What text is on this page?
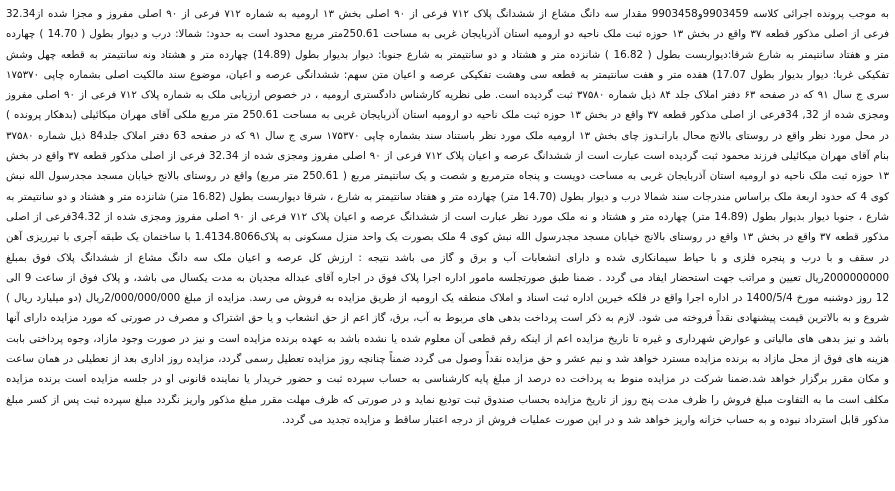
به موجب پرونده اجرائی کلاسه 9903459و9903458 مقدار سه دانگ مشاع از ششدانگ پلاک ۷۱۲ فرعی از ۹۰ اصلی بخش ۱۳ ارومیه به شماره ۷۱۲ فرعی از ۹۰ اصلی مفروز و مجزا شده از32.34 فرعی از اصلی مذکور قطعه ۳۷ واقع در بخش ۱۳ حوزه ثبت ملک ناحیه دو ارومیه استان آذربایجان غربی به مساحت 250.61متر مربع محدود است به حدود: شمالا: درب و دیوار بطول ( 14.70 ) چهارده متر و هفتاد سانتیمتر به شارع شرقا:دیواربست بطول ( 16.82 ) شانزده متر و هشتاد و دو سانتیمتر به شارع جنوبا: دیوار بدیوار بطول (14.89) چهارده متر و هشتاد ونه سانتیمتر به قطعه چهل وشش تفکیکی غربا: دیوار بدیوار بطول 17.07) هفده متر و هفت سانتیمتر به قطعه سی وهشت تفکیکی عرصه و اعیان متن سهم: ششدانگی عرصه و اعیان، موضوع سند مالکیت اصلی بشماره چاپی ۱۷۵۳۷۰ سری ج سال ۹۱ که در صفحه ۶۳ دفتر املاک جلد ۸۴ ذیل شماره ۳۷۵۸۰ ثبت گردیده است. طی نظریه کارشناس دادگستری ارومیه ، در خصوص ارزیابی ملک به شماره پلاک ۷۱۲ فرعی از ۹۰ اصلی مفروز ومجزی شده از 32, 34فرعی از اصلی مذکور قطعه ۳۷ واقع در بخش ۱۳ حوزه ثبت ملک ناحیه دو ارومیه استان آذربایجان غربی به مساحت 250.61 متر مربع ملکی آقای مهران میکائیلی (بدهکار پرونده ) در محل مورد نظر واقع در روستای بالانج محال بارانـدوز چای بخش ۱۳ ارومیه ملک مورد نظر باستناد سند بشماره چاپی ۱۷۵۳۷۰ سری ج سال ۹۱ که در صفحه 63 دفتر املاک جلد84 ذیل شماره ۳۷۵۸۰ بنام آقای مهران میکائیلی فرزند محمود ثبت گردیده است عبارت است از ششدانگ عرصه و اعیان پلاک ۷۱۲ فرعی از ۹۰ اصلی مفروز ومجزی شده از 32.34 فرعی از اصلی مذکور قطعه ۳۷ واقع در بخش ۱۳ حوزه ثبت ملک ناحیه دو ارومیه استان آذربایجان غربی به مساحت دویست و پنجاه مترمربع و شصت و یک سانتیمتر مربع ( 250.61 متر مربع) واقع در روستای بالانج خیابان مسجد مجدرسول الله نبش کوی 4 که حدود اربعة ملک براساس مندرجات سند شمالا درب و دیوار بطول (14.70 متر) چهارده متر و هفتاد سانتیمتر به شارع ، شرقا دیواربست بطول (16.82 متر) شانزده متر و هشتاد و دو سانتیمتر به شارع ، جنوبا دیوار بدیوار بطول (14.89 متر) چهارده متر و هشتاد و نه ملک مورد نظر عبارت است از ششدانگ عرصه و اعیان پلاک ۷۱۲ فرعی از ۹۰ اصلی مفروز ومجزی شده از 34.32فرعی از اصلی مذکور قطعه ۳۷ واقع در بخش ۱۳ واقع در روستای بالانج خیابان مسجد مجدرسول الله نبش کوی 4 ملک بصورت یک واحد منزل مسکونی به پلاک1.4134.8066 با ساختمان یک طبقه آجری با تیرریزی آهن در سقف و با درب و پنجره فلزی و با حیاط سیمانکاری شده و دارای انشعابات آب و برق و گاز می باشد نتیجه : ارزش کل عرصه و اعیان ملک سه دانگ مشاع از ششدانگ پلاک فوق بمبلغ 2000000000ریال تعیین و مراتب جهت استحضار ایفاد می گردد . ضمنا طبق صورتجلسه مامور اداره اجرا پلاک فوق در اجاره آقای عبداله مجدیان به مدت یکسال می باشد، و پلاک فوق از ساعت 9 الی 12 روز دوشنبه مورخ 1400/5/4 در اداره اجرا واقع در فلکه خیرین اداره ثبت اسناد و املاک منطقه یک ارومیه از طریق مزایده به فروش می رسد. مزایده از مبلغ 2/000/000/000ریال (دو میلیارد ریال ) شروع و به بالاترین قیمت پیشنهادی نقداً فروخته می شود. لازم به ذکر است پرداخت بدهی های مربوط به آب، برق، گاز اعم از حق انشعاب و یا حق اشتراک و مصرف در صورتی که مورد مزایده دارای آنها باشد و نیز بدهی های مالیاتی و عوارض شهرداری و غیره تا تاریخ مزایده اعم از اینکه رقم قطعی آن معلوم شده یا نشده باشد به عهده برنده مزایده است و نیز در صورت وجود مازاد، وجوه پرداختی بابت هزینه های فوق از محل مازاد به برنده مزایده مسترد خواهد شد و نیم عشر و حق مزایده نقداً وصول می گردد ضمناً چنانچه روز مزایده تعطیل رسمی گردد، مزایده روز اداری بعد از تعطیلی در همان ساعت و مکان مقرر برگزار خواهد شد.ضمنا شرکت در مزایده منوط به پرداخت ده درصد از مبلغ پایه کارشناسی به حساب سپرده ثبت و حضور خریدار یا نماینده قانونی او در جلسه مزایده است برنده مزایده مکلف است ما به التفاوت مبلغ فروش را ظرف مدت پنج روز از تاریخ مزایده بحساب صندوق ثبت تودیع نماید و در صورتی که ظرف مهلت مقرر مبلغ مذکور واریز نگردد مبلغ سپرده ثبت پس از کسر مبلغ مذکور قابل استرداد نبوده و به حساب خزانه واریز خواهد شد و در این صورت عملیات فروش از درجه اعتبار ساقط و مزایده تجدید می گردد.
